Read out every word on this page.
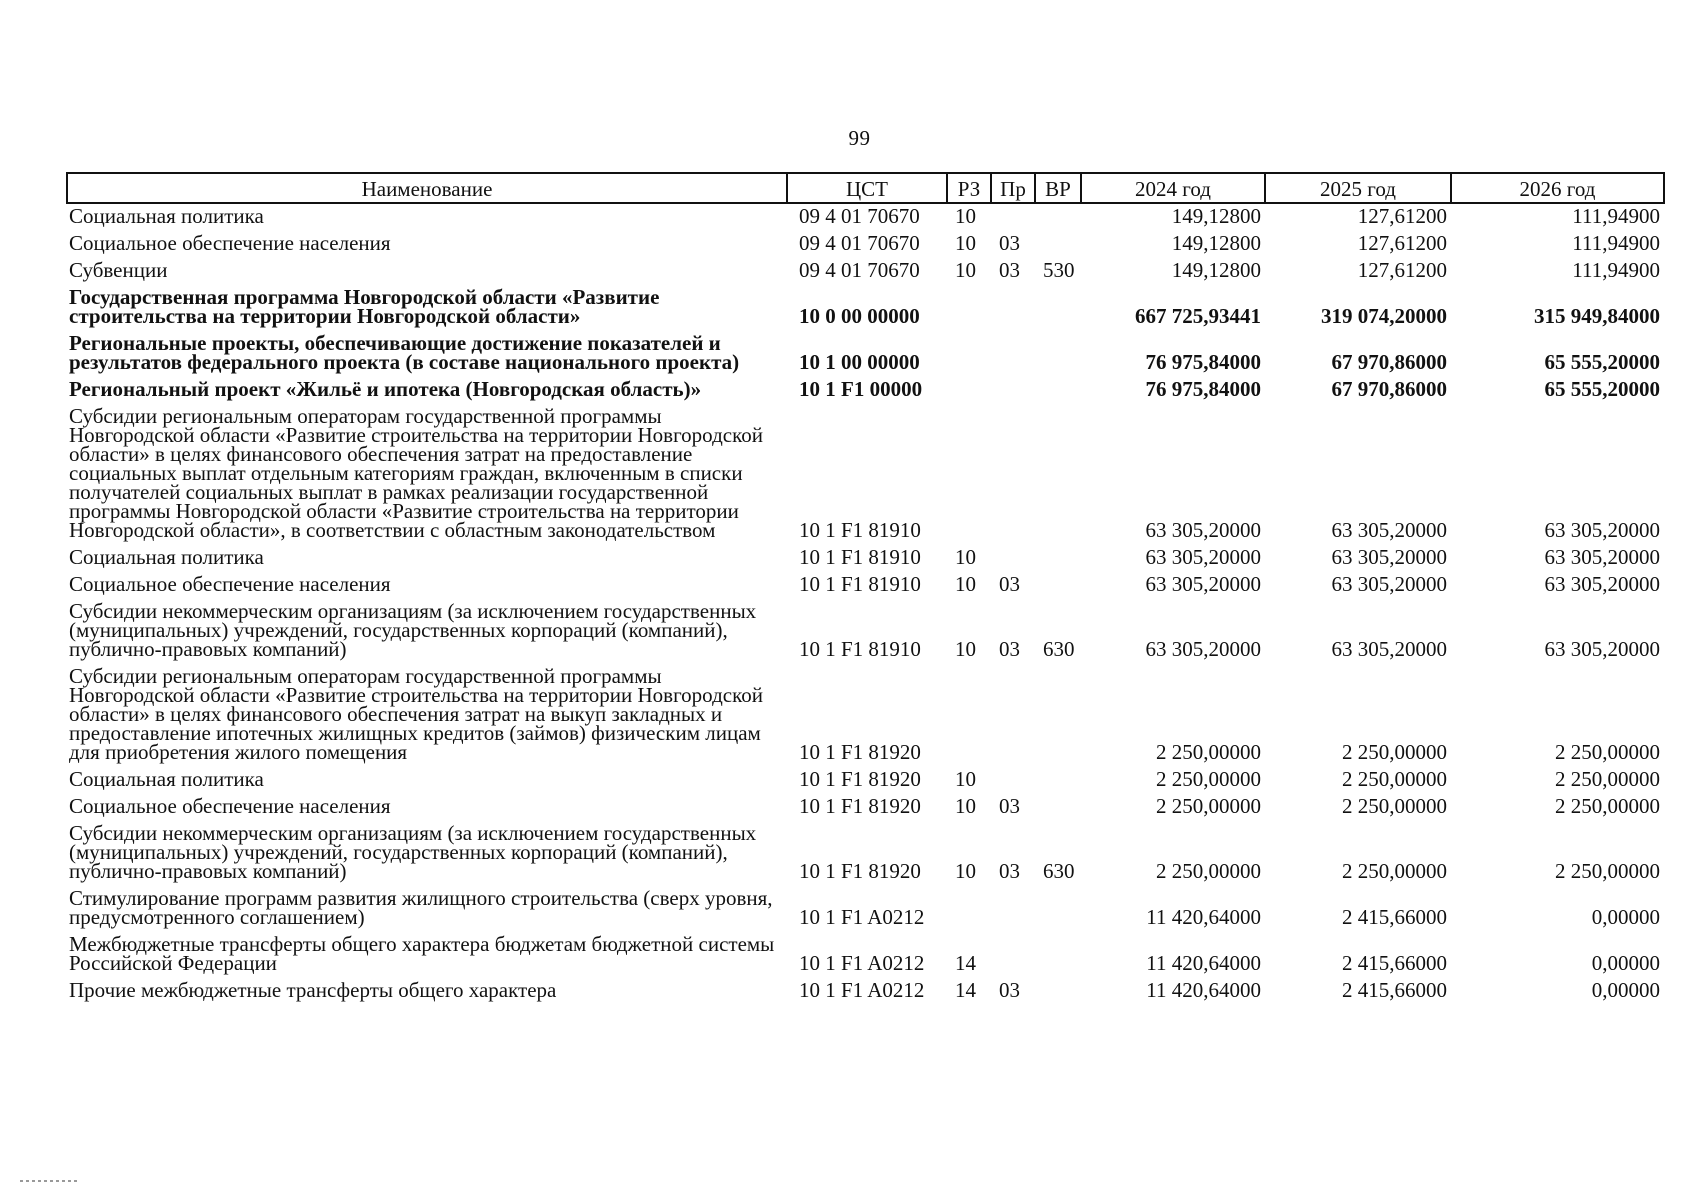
99
Наименование	ЦСТ	РЗ	Пр	ВР	2024 год	2025 год	2026 год
Социальная политика	09 4 01 70670	10			149,12800	127,61200	111,94900
Социальное обеспечение населения	09 4 01 70670	10	03		149,12800	127,61200	111,94900
Субвенции	09 4 01 70670	10	03	530	149,12800	127,61200	111,94900
Государственная программа Новгородской области «Развитие строительства на территории Новгородской области»	10 0 00 00000				667 725,93441	319 074,20000	315 949,84000
Региональные проекты, обеспечивающие достижение показателей и результатов федерального проекта (в составе национального проекта)	10 1 00 00000				76 975,84000	67 970,86000	65 555,20000
Региональный проект «Жильё и ипотека (Новгородская область)»	10 1 F1 00000				76 975,84000	67 970,86000	65 555,20000
Субсидии региональным операторам государственной программы Новгородской области «Развитие строительства на территории Новгородской области» в целях финансового обеспечения затрат на предоставление социальных выплат отдельным категориям граждан, включенным в списки получателей социальных выплат в рамках реализации государственной программы Новгородской области «Развитие строительства на территории Новгородской области», в соответствии с областным законодательством	10 1 F1 81910				63 305,20000	63 305,20000	63 305,20000
Социальная политика	10 1 F1 81910	10			63 305,20000	63 305,20000	63 305,20000
Социальное обеспечение населения	10 1 F1 81910	10	03		63 305,20000	63 305,20000	63 305,20000
Субсидии некоммерческим организациям (за исключением государственных (муниципальных) учреждений, государственных корпораций (компаний), публично-правовых компаний)	10 1 F1 81910	10	03	630	63 305,20000	63 305,20000	63 305,20000
Субсидии региональным операторам государственной программы Новгородской области «Развитие строительства на территории Новгородской области» в целях финансового обеспечения затрат на выкуп закладных и предоставление ипотечных жилищных кредитов (займов) физическим лицам для приобретения жилого помещения	10 1 F1 81920				2 250,00000	2 250,00000	2 250,00000
Социальная политика	10 1 F1 81920	10			2 250,00000	2 250,00000	2 250,00000
Социальное обеспечение населения	10 1 F1 81920	10	03		2 250,00000	2 250,00000	2 250,00000
Субсидии некоммерческим организациям (за исключением государственных (муниципальных) учреждений, государственных корпораций (компаний), публично-правовых компаний)	10 1 F1 81920	10	03	630	2 250,00000	2 250,00000	2 250,00000
Стимулирование программ развития жилищного строительства (сверх уровня, предусмотренного соглашением)	10 1 F1 A0212				11 420,64000	2 415,66000	0,00000
Межбюджетные трансферты общего характера бюджетам бюджетной системы Российской Федерации	10 1 F1 A0212	14			11 420,64000	2 415,66000	0,00000
Прочие межбюджетные трансферты общего характера	10 1 F1 A0212	14	03		11 420,64000	2 415,66000	0,00000
